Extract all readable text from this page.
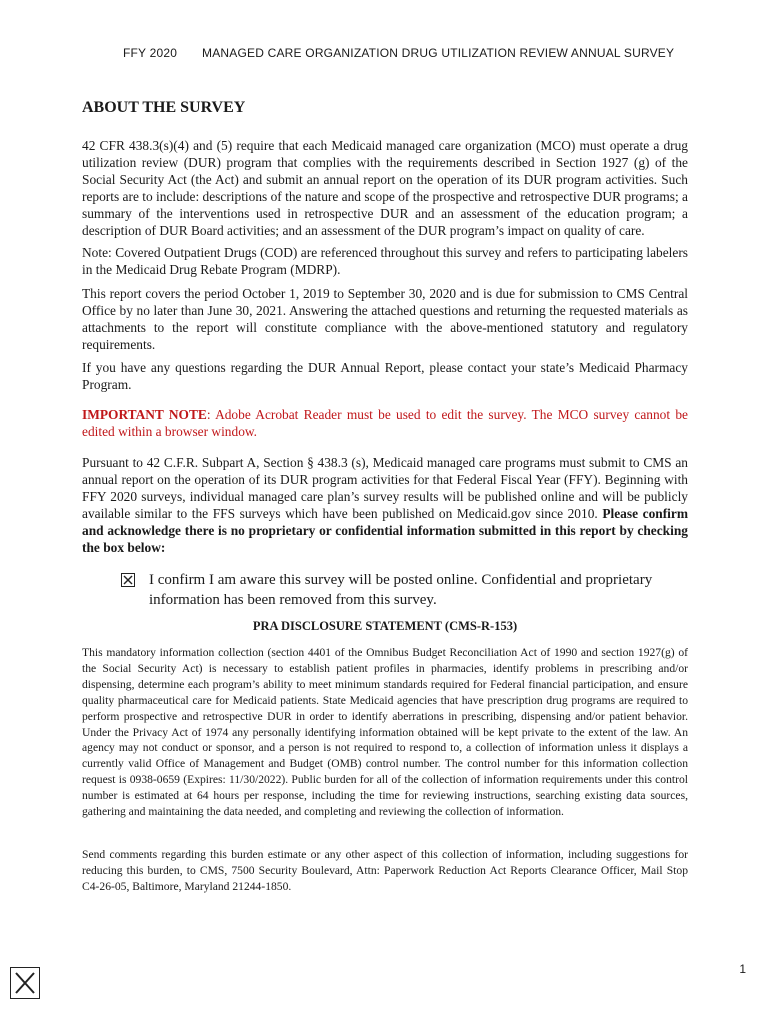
FFY 2020 MANAGED CARE ORGANIZATION DRUG UTILIZATION REVIEW ANNUAL SURVEY
ABOUT THE SURVEY

42 CFR 438.3(s)(4) and (5) require that each Medicaid managed care organization (MCO) must operate a drug utilization review (DUR) program that complies with the requirements described in Section 1927 (g) of the Social Security Act (the Act) and submit an annual report on the operation of its DUR program activities. Such reports are to include: descriptions of the nature and scope of the prospective and retrospective DUR programs; a summary of the interventions used in retrospective DUR and an assessment of the education program; a description of DUR Board activities; and an assessment of the DUR program’s impact on quality of care.

Note: Covered Outpatient Drugs (COD) are referenced throughout this survey and refers to participating labelers in the Medicaid Drug Rebate Program (MDRP).

This report covers the period October 1, 2019 to September 30, 2020 and is due for submission to CMS Central Office by no later than June 30, 2021. Answering the attached questions and returning the requested materials as attachments to the report will constitute compliance with the above-mentioned statutory and regulatory requirements.

If you have any questions regarding the DUR Annual Report, please contact your state’s Medicaid Pharmacy Program.

IMPORTANT NOTE: Adobe Acrobat Reader must be used to edit the survey. The MCO survey cannot be edited within a browser window.

Pursuant to 42 C.F.R. Subpart A, Section § 438.3 (s), Medicaid managed care programs must submit to CMS an annual report on the operation of its DUR program activities for that Federal Fiscal Year (FFY). Beginning with FFY 2020 surveys, individual managed care plan’s survey results will be published online and will be publicly available similar to the FFS surveys which have been published on Medicaid.gov since 2010. Please confirm and acknowledge there is no proprietary or confidential information submitted in this report by checking the box below:

I confirm I am aware this survey will be posted online. Confidential and proprietary information has been removed from this survey.
PRA DISCLOSURE STATEMENT (CMS-R-153)

This mandatory information collection (section 4401 of the Omnibus Budget Reconciliation Act of 1990 and section 1927(g) of the Social Security Act) is necessary to establish patient profiles in pharmacies, identify problems in prescribing and/or dispensing, determine each program’s ability to meet minimum standards required for Federal financial participation, and ensure quality pharmaceutical care for Medicaid patients. State Medicaid agencies that have prescription drug programs are required to perform prospective and retrospective DUR in order to identify aberrations in prescribing, dispensing and/or patient behavior. Under the Privacy Act of 1974 any personally identifying information obtained will be kept private to the extent of the law. An agency may not conduct or sponsor, and a person is not required to respond to, a collection of information unless it displays a currently valid Office of Management and Budget (OMB) control number. The control number for this information collection request is 0938-0659 (Expires: 11/30/2022). Public burden for all of the collection of information requirements under this control number is estimated at 64 hours per response, including the time for reviewing instructions, searching existing data sources, gathering and maintaining the data needed, and completing and reviewing the collection of information.

Send comments regarding this burden estimate or any other aspect of this collection of information, including suggestions for reducing this burden, to CMS, 7500 Security Boulevard, Attn: Paperwork Reduction Act Reports Clearance Officer, Mail Stop C4-26-05, Baltimore, Maryland 21244-1850.

1
